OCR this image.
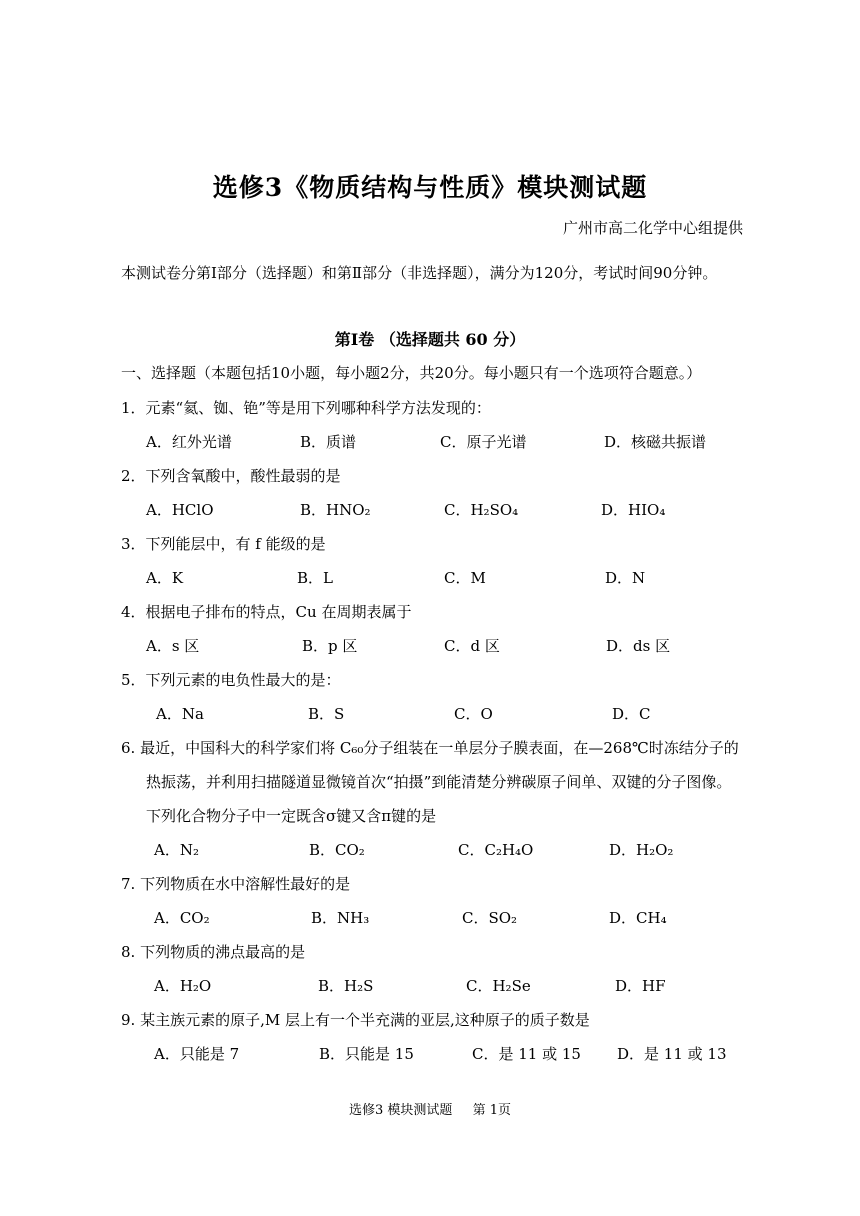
选修3《物质结构与性质》模块测试题
广州市高二化学中心组提供
本测试卷分第Ⅰ部分（选择题）和第Ⅱ部分（非选择题），满分为120分，考试时间90分钟。
第Ⅰ卷 （选择题共 60 分）
一、选择题（本题包括10小题，每小题2分，共20分。每小题只有一个选项符合题意。）
1．元素“氦、铷、铯”等是用下列哪种科学方法发现的：
A．红外光谱	B．质谱	C．原子光谱	D．核磁共振谱
2．下列含氧酸中，酸性最弱的是
A．HClO	B．HNO₂	C．H₂SO₄	D．HIO₄
3．下列能层中，有 f 能级的是
A．K	B．L	C．M	D．N
4．根据电子排布的特点，Cu 在周期表属于
A．s 区	B．p 区	C．d 区	D．ds 区
5．下列元素的电负性最大的是：
A．Na	B．S	C．O	D．C
6. 最近，中国科大的科学家们将 C₆₀分子组装在一单层分子膜表面，在—268℃时冻结分子的
热振荡，并利用扫描隧道显微镜首次“拍摄”到能清楚分辨碳原子间单、双键的分子图像。
下列化合物分子中一定既含σ键又含π键的是
A．N₂	B．CO₂	C．C₂H₄O	D．H₂O₂
7. 下列物质在水中溶解性最好的是
A．CO₂	B．NH₃	C．SO₂	D．CH₄
8. 下列物质的沸点最高的是
A．H₂O	B．H₂S	C．H₂Se	D．HF
9. 某主族元素的原子,M 层上有一个半充满的亚层,这种原子的质子数是
A．只能是 7	B．只能是 15	C．是 11 或 15 D．是 11 或 13
选修3 模块测试题 第 1页
